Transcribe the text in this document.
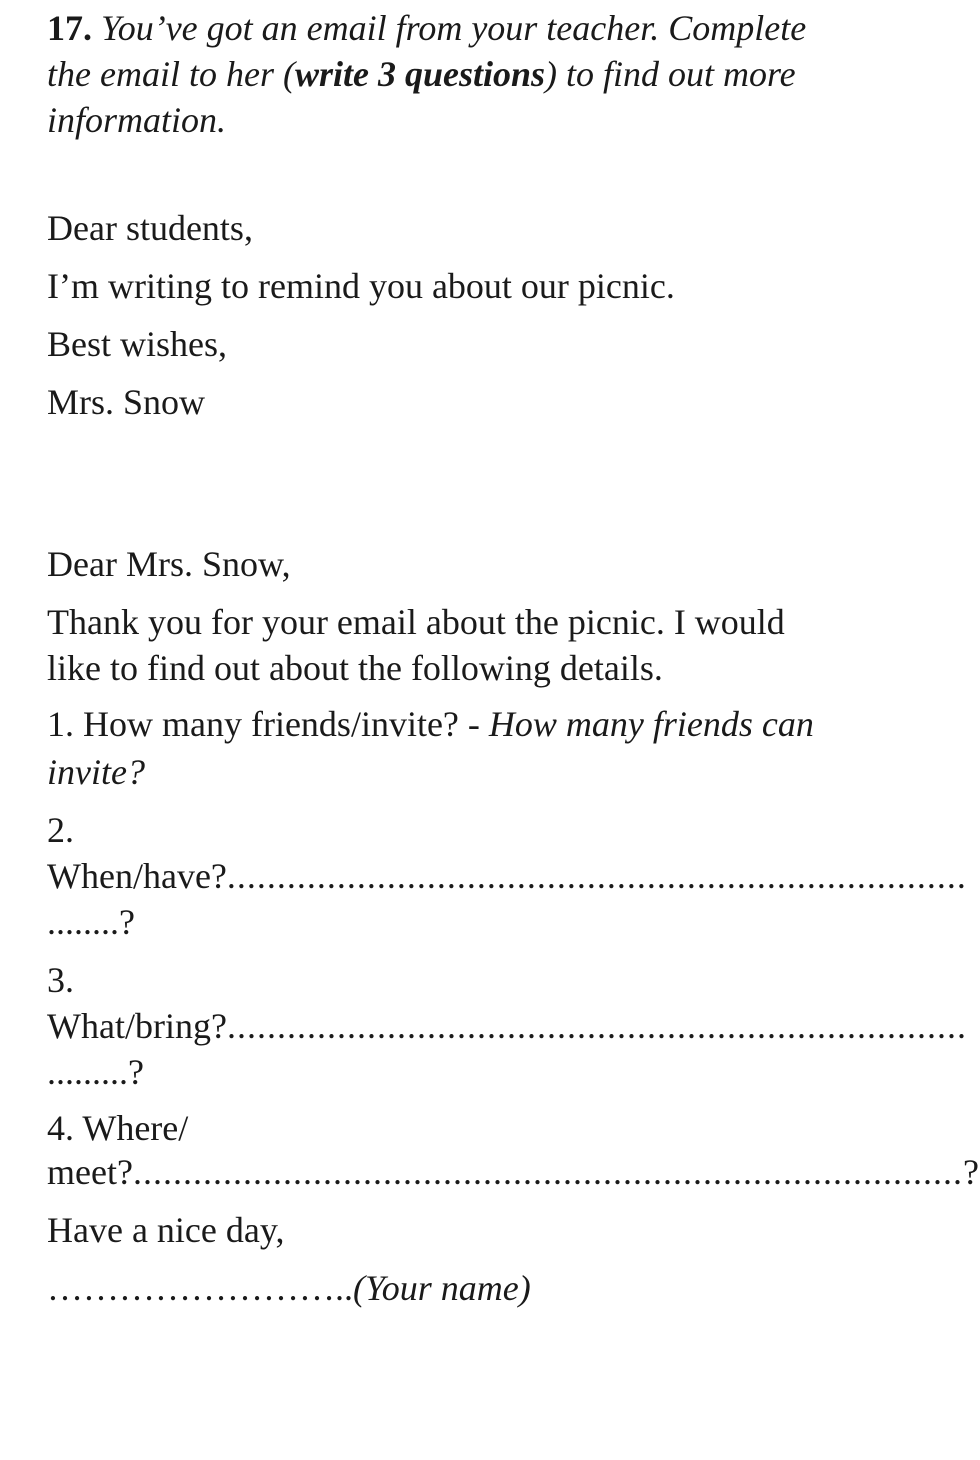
17. You’ve got an email from your teacher. Complete
the email to her (write 3 questions) to find out more
information.
Dear students,
I’m writing to remind you about our picnic.
Best wishes,
Mrs. Snow
Dear Mrs. Snow,
Thank you for your email about the picnic. I would
like to find out about the following details.
1. How many friends/invite? - How many friends can
invite?
2.
When/have?..........................................................................
........?
3.
What/bring?..........................................................................
.........?
4. Where/
meet?...................................................................................?
Have a nice day,
……………………..(Your name)
